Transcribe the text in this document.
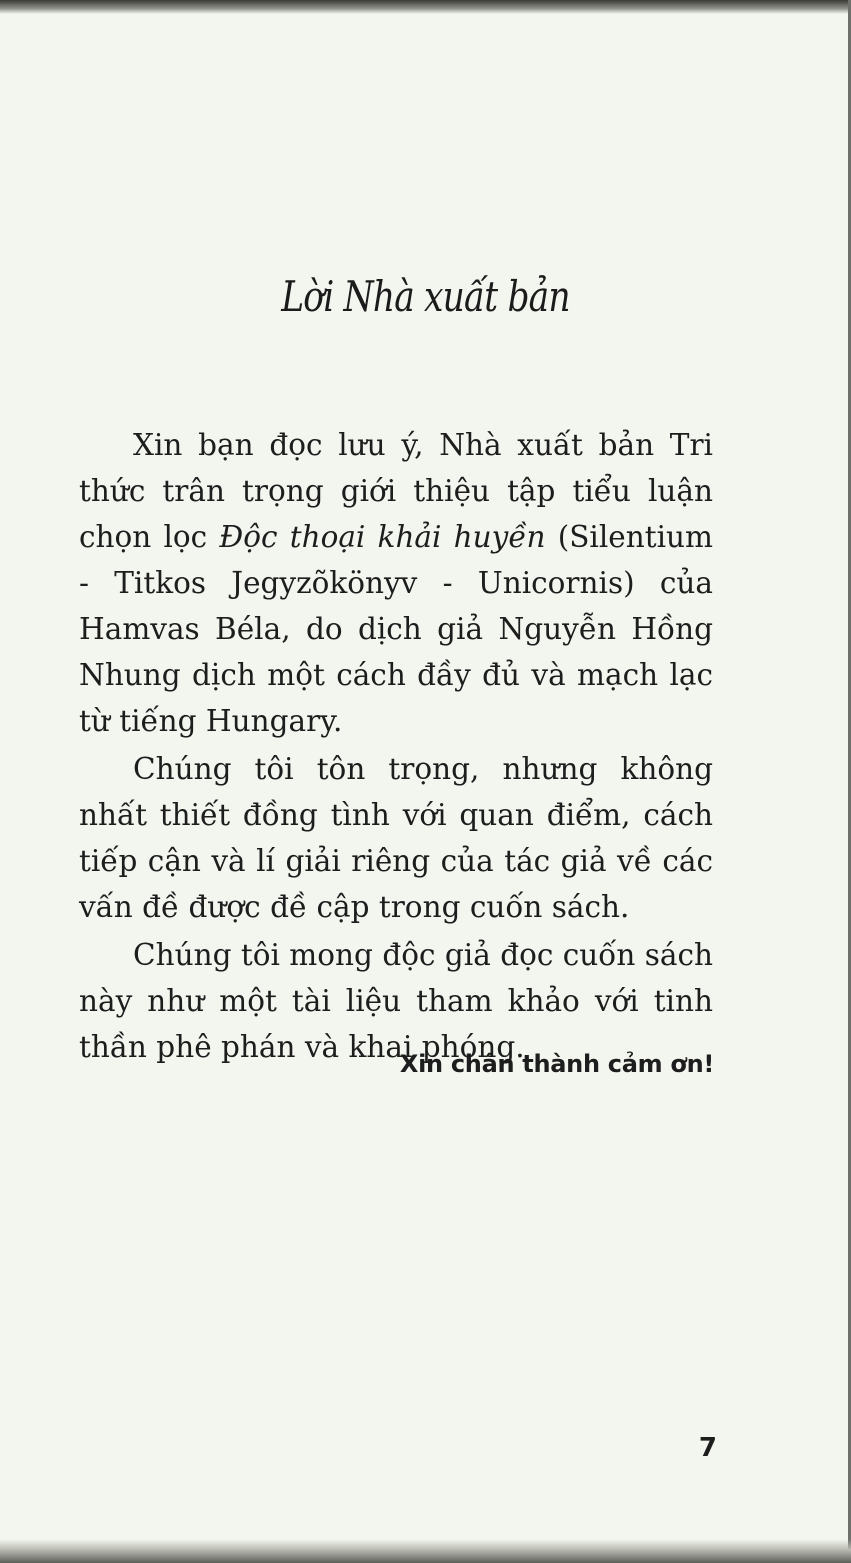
Lời Nhà xuất bản

Xin bạn đọc lưu ý, Nhà xuất bản Tri thức trân trọng giới thiệu tập tiểu luận chọn lọc Độc thoại khải huyền (Silentium - Titkos Jegyzõkönyv - Unicornis) của Hamvas Béla, do dịch giả Nguyễn Hồng Nhung dịch một cách đầy đủ và mạch lạc từ tiếng Hungary.

Chúng tôi tôn trọng, nhưng không nhất thiết đồng tình với quan điểm, cách tiếp cận và lí giải riêng của tác giả về các vấn đề được đề cập trong cuốn sách.

Chúng tôi mong độc giả đọc cuốn sách này như một tài liệu tham khảo với tinh thần phê phán và khai phóng.

Xin chân thành cảm ơn!
7
